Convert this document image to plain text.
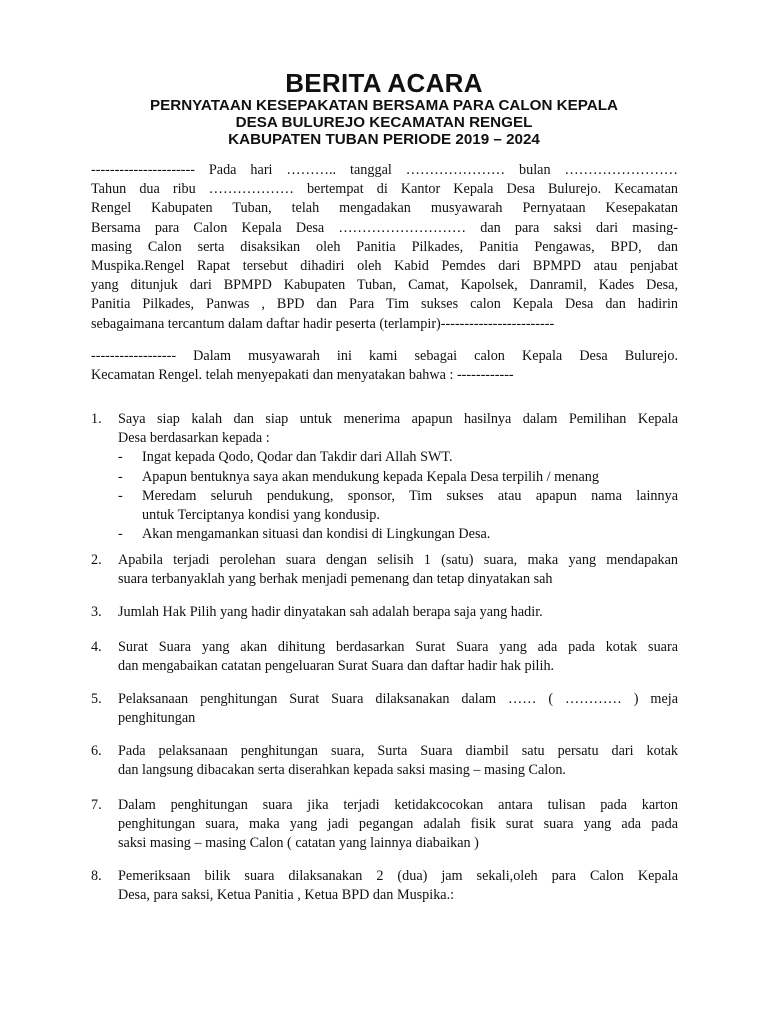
BERITA ACARA
PERNYATAAN KESEPAKATAN BERSAMA PARA CALON KEPALA
DESA BULUREJO KECAMATAN RENGEL
KABUPATEN TUBAN PERIODE 2019 – 2024
---------------------- Pada hari ……….. tanggal ………………… bulan ……………………
Tahun dua ribu ……………… bertempat di Kantor Kepala Desa Bulurejo. Kecamatan
Rengel Kabupaten Tuban, telah mengadakan musyawarah Pernyataan Kesepakatan
Bersama para Calon Kepala Desa ……………………… dan para saksi dari masing-
masing Calon serta disaksikan oleh Panitia Pilkades, Panitia Pengawas, BPD, dan
Muspika.Rengel Rapat tersebut dihadiri oleh Kabid Pemdes dari BPMPD atau penjabat
yang ditunjuk dari BPMPD Kabupaten Tuban, Camat, Kapolsek, Danramil, Kades Desa,
Panitia Pilkades, Panwas , BPD dan Para Tim sukses calon Kepala Desa dan hadirin
sebagaimana tercantum dalam daftar hadir peserta (terlampir)------------------------
------------------ Dalam musyawarah ini kami sebagai calon Kepala Desa Bulurejo.
Kecamatan Rengel. telah menyepakati dan menyatakan bahwa : ------------
1. Saya siap kalah dan siap untuk menerima apapun hasilnya dalam Pemilihan Kepala
Desa berdasarkan kepada :
- Ingat kepada Qodo, Qodar dan Takdir dari Allah SWT.
- Apapun bentuknya saya akan mendukung kepada Kepala Desa terpilih / menang
- Meredam seluruh pendukung, sponsor, Tim sukses atau apapun nama lainnya
untuk Terciptanya kondisi yang kondusip.
- Akan mengamankan situasi dan kondisi di Lingkungan Desa.
2. Apabila terjadi perolehan suara dengan selisih 1 (satu) suara, maka yang mendapakan
suara terbanyaklah yang berhak menjadi pemenang dan tetap dinyatakan sah
3. Jumlah Hak Pilih yang hadir dinyatakan sah adalah berapa saja yang hadir.
4. Surat Suara yang akan dihitung berdasarkan Surat Suara yang ada pada kotak suara
dan mengabaikan catatan pengeluaran Surat Suara dan daftar hadir hak pilih.
5. Pelaksanaan penghitungan Surat Suara dilaksanakan dalam …… ( ………… ) meja
penghitungan
6. Pada pelaksanaan penghitungan suara, Surta Suara diambil satu persatu dari kotak
dan langsung dibacakan serta diserahkan kepada saksi masing – masing Calon.
7. Dalam penghitungan suara jika terjadi ketidakcocokan antara tulisan pada karton
penghitungan suara, maka yang jadi pegangan adalah fisik surat suara yang ada pada
saksi masing – masing Calon ( catatan yang lainnya diabaikan )
8. Pemeriksaan bilik suara dilaksanakan 2 (dua) jam sekali,oleh para Calon Kepala
Desa, para saksi, Ketua Panitia , Ketua BPD dan Muspika.:
